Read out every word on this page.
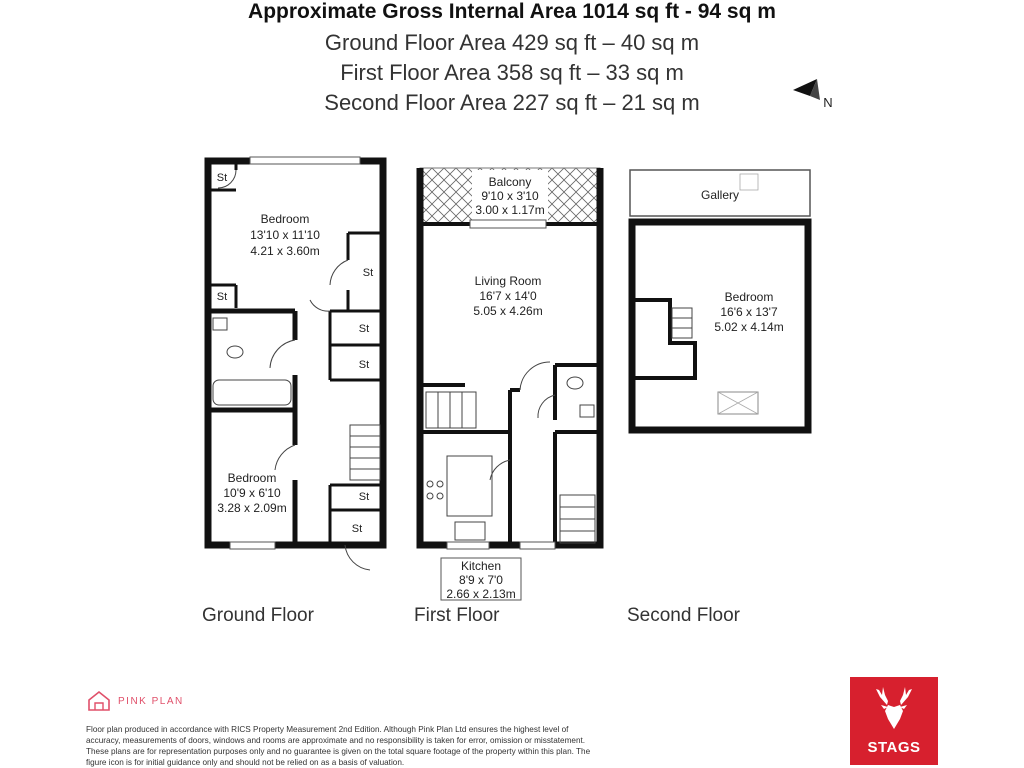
Approximate Gross Internal Area 1014 sq ft - 94 sq m
Ground Floor Area 429 sq ft – 40 sq m
First Floor Area 358 sq ft – 33 sq m
Second Floor Area 227 sq ft – 21 sq m	N
St
St
St
St
St
St
St
Bedroom
13'10 x 11'10
4.21 x 3.60m
Bedroom
10'9 x 6'10
3.28 x 2.09m
Balcony
9'10 x 3'10
3.00 x 1.17m
Living Room
16'7 x 14'0
5.05 x 4.26m
Kitchen
8'9 x 7'0
2.66 x 2.13m
Gallery
Bedroom
16'6 x 13'7
5.02 x 4.14m
Ground Floor	First Floor	Second Floor
PINK PLAN
Floor plan produced in accordance with RICS Property Measurement 2nd Edition. Although Pink Plan Ltd ensures the highest level of accuracy, measurements of doors, windows and rooms are approximate and no responsibility is taken for error, omission or misstatement. These plans are for representation purposes only and no guarantee is given on the total square footage of the property within this plan. The figure icon is for initial guidance only and should not be relied on as a basis of valuation.
STAGS
